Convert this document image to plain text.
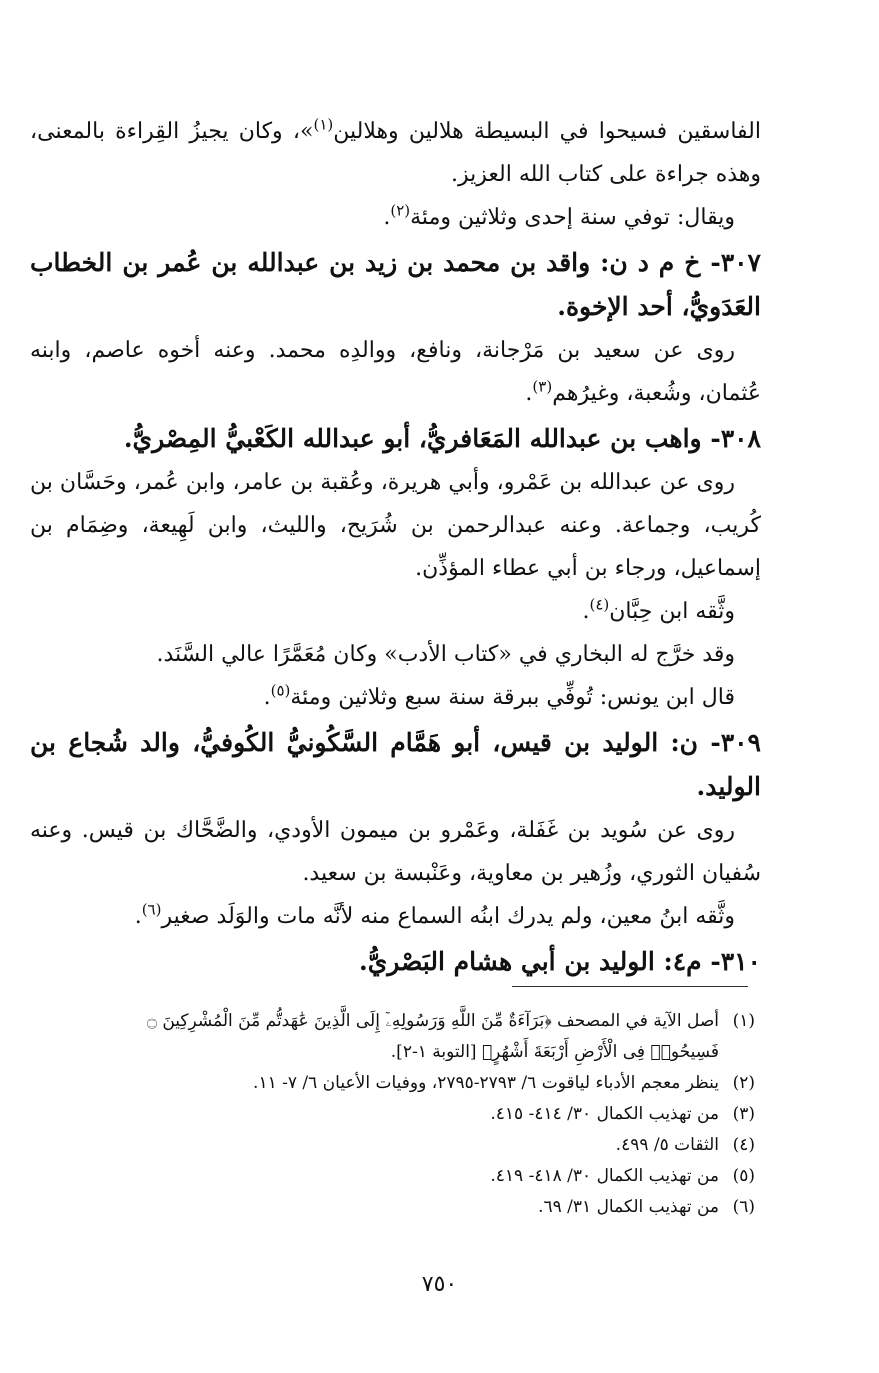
الفاسقين فسيحوا في البسيطة هلالين وهلالين$^{(١)}$»، وكان يجيزُ القِراءة بالمعنى، وهذه جراءة على كتاب الله العزيز.

ويقال: توفي سنة إحدى وثلاثين ومئة$^{(٢)}$.

٣٠٧- خ م د ن: واقد بن محمد بن زيد بن عبدالله بن عُمر بن الخطاب العَدَويُّ، أحد الإخوة.

روى عن سعيد بن مَرْجانة، ونافع، ووالدِه محمد. وعنه أخوه عاصم، وابنه عُثمان، وشُعبة، وغيرُهم$^{(٣)}$.

٣٠٨- واهب بن عبدالله المَعَافريُّ، أبو عبدالله الكَعْبيُّ المِصْريُّ.

روى عن عبدالله بن عَمْرو، وأبي هريرة، وعُقبة بن عامر، وابن عُمر، وحَسَّان بن كُريب، وجماعة. وعنه عبدالرحمن بن شُرَيح، والليث، وابن لَهِيعة، وضِمَام بن إسماعيل، ورجاء بن أبي عطاء المؤذِّن.

وثَّقه ابن حِبَّان$^{(٤)}$.

وقد خرَّج له البخاري في «كتاب الأدب» وكان مُعَمَّرًا عالي السَّنَد.

قال ابن يونس: تُوفِّي ببرقة سنة سبع وثلاثين ومئة$^{(٥)}$.

٣٠٩- ن: الوليد بن قيس، أبو هَمَّام السَّكُونيُّ الكُوفيُّ، والد شُجاع بن الوليد.

روى عن سُويد بن غَفَلة، وعَمْرو بن ميمون الأودي، والضَّحَّاك بن قيس. وعنه سُفيان الثوري، وزُهير بن معاوية، وعَنْبسة بن سعيد.

وثَّقه ابنُ معين، ولم يدرك ابنُه السماع منه لأنَّه مات والوَلَد صغير$^{(٦)}$.

٣١٠- م٤: الوليد بن أبي هشام البَصْريُّ.

(١)
أصل الآية في المصحف ﴿بَرَآءَةٌ مِّنَ اللَّهِ وَرَسُولِهِۦٓ إِلَى الَّذِينَ عَٰهَدتُّم مِّنَ الْمُشْرِكِينَ ۝ فَسِيحُوا۟ فِى الْأَرْضِ أَرْبَعَةَ أَشْهُرٍ﴾ [التوبة ١-٢].

(٢)
ينظر معجم الأدباء لياقوت ٦/ ٢٧٩٣-٢٧٩٥، ووفيات الأعيان ٦/ ٧- ١١.

(٣)
من تهذيب الكمال ٣٠/ ٤١٤- ٤١٥.

(٤)
الثقات ٥/ ٤٩٩.

(٥)
من تهذيب الكمال ٣٠/ ٤١٨- ٤١٩.

(٦)
من تهذيب الكمال ٣١/ ٦٩.

٧٥٠
